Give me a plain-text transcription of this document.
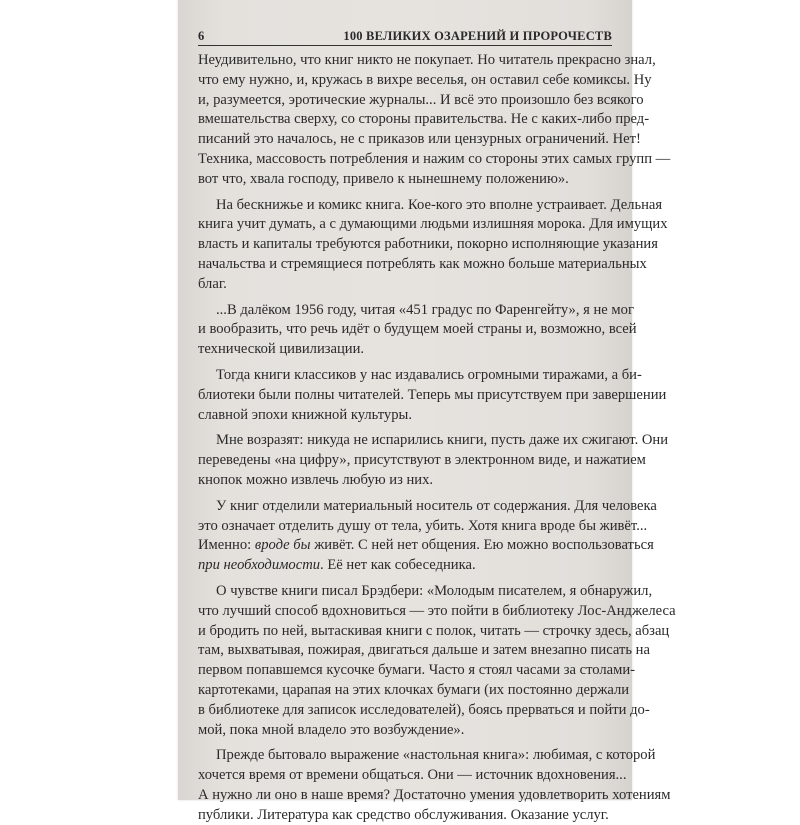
6	100 ВЕЛИКИХ ОЗАРЕНИЙ И ПРОРОЧЕСТВ
Неудивительно, что книг никто не покупает. Но читатель прекрасно знал,
что ему нужно, и, кружась в вихре веселья, он оставил себе комиксы. Ну
и, разумеется, эротические журналы... И всё это произошло без всякого
вмешательства сверху, со стороны правительства. Не с каких-либо пред-
писаний это началось, не с приказов или цензурных ограничений. Нет!
Техника, массовость потребления и нажим со стороны этих самых групп —
вот что, хвала господу, привело к нынешнему положению».
На бескнижье и комикс книга. Кое-кого это вполне устраивает. Дельная
книга учит думать, а с думающими людьми излишняя морока. Для имущих
власть и капиталы требуются работники, покорно исполняющие указания
начальства и стремящиеся потреблять как можно больше материальных
благ.
...В далёком 1956 году, читая «451 градус по Фаренгейту», я не мог
и вообразить, что речь идёт о будущем моей страны и, возможно, всей
технической цивилизации.
Тогда книги классиков у нас издавались огромными тиражами, а би-
блиотеки были полны читателей. Теперь мы присутствуем при завершении
славной эпохи книжной культуры.
Мне возразят: никуда не испарились книги, пусть даже их сжигают. Они
переведены «на цифру», присутствуют в электронном виде, и нажатием
кнопок можно извлечь любую из них.
У книг отделили материальный носитель от содержания. Для человека
это означает отделить душу от тела, убить. Хотя книга вроде бы живёт...
Именно: вроде бы живёт. С ней нет общения. Ею можно воспользоваться
при необходимости. Её нет как собеседника.
О чувстве книги писал Брэдбери: «Молодым писателем, я обнаружил,
что лучший способ вдохновиться — это пойти в библиотеку Лос-Анджелеса
и бродить по ней, вытаскивая книги с полок, читать — строчку здесь, абзац
там, выхватывая, пожирая, двигаться дальше и затем внезапно писать на
первом попавшемся кусочке бумаги. Часто я стоял часами за столами-
картотеками, царапая на этих клочках бумаги (их постоянно держали
в библиотеке для записок исследователей), боясь прерваться и пойти до-
мой, пока мной владело это возбуждение».
Прежде бытовало выражение «настольная книга»: любимая, с которой
хочется время от времени общаться. Они — источник вдохновения...
А нужно ли оно в наше время? Достаточно умения удовлетворить хотениям
публики. Литература как средство обслуживания. Оказание услуг.
